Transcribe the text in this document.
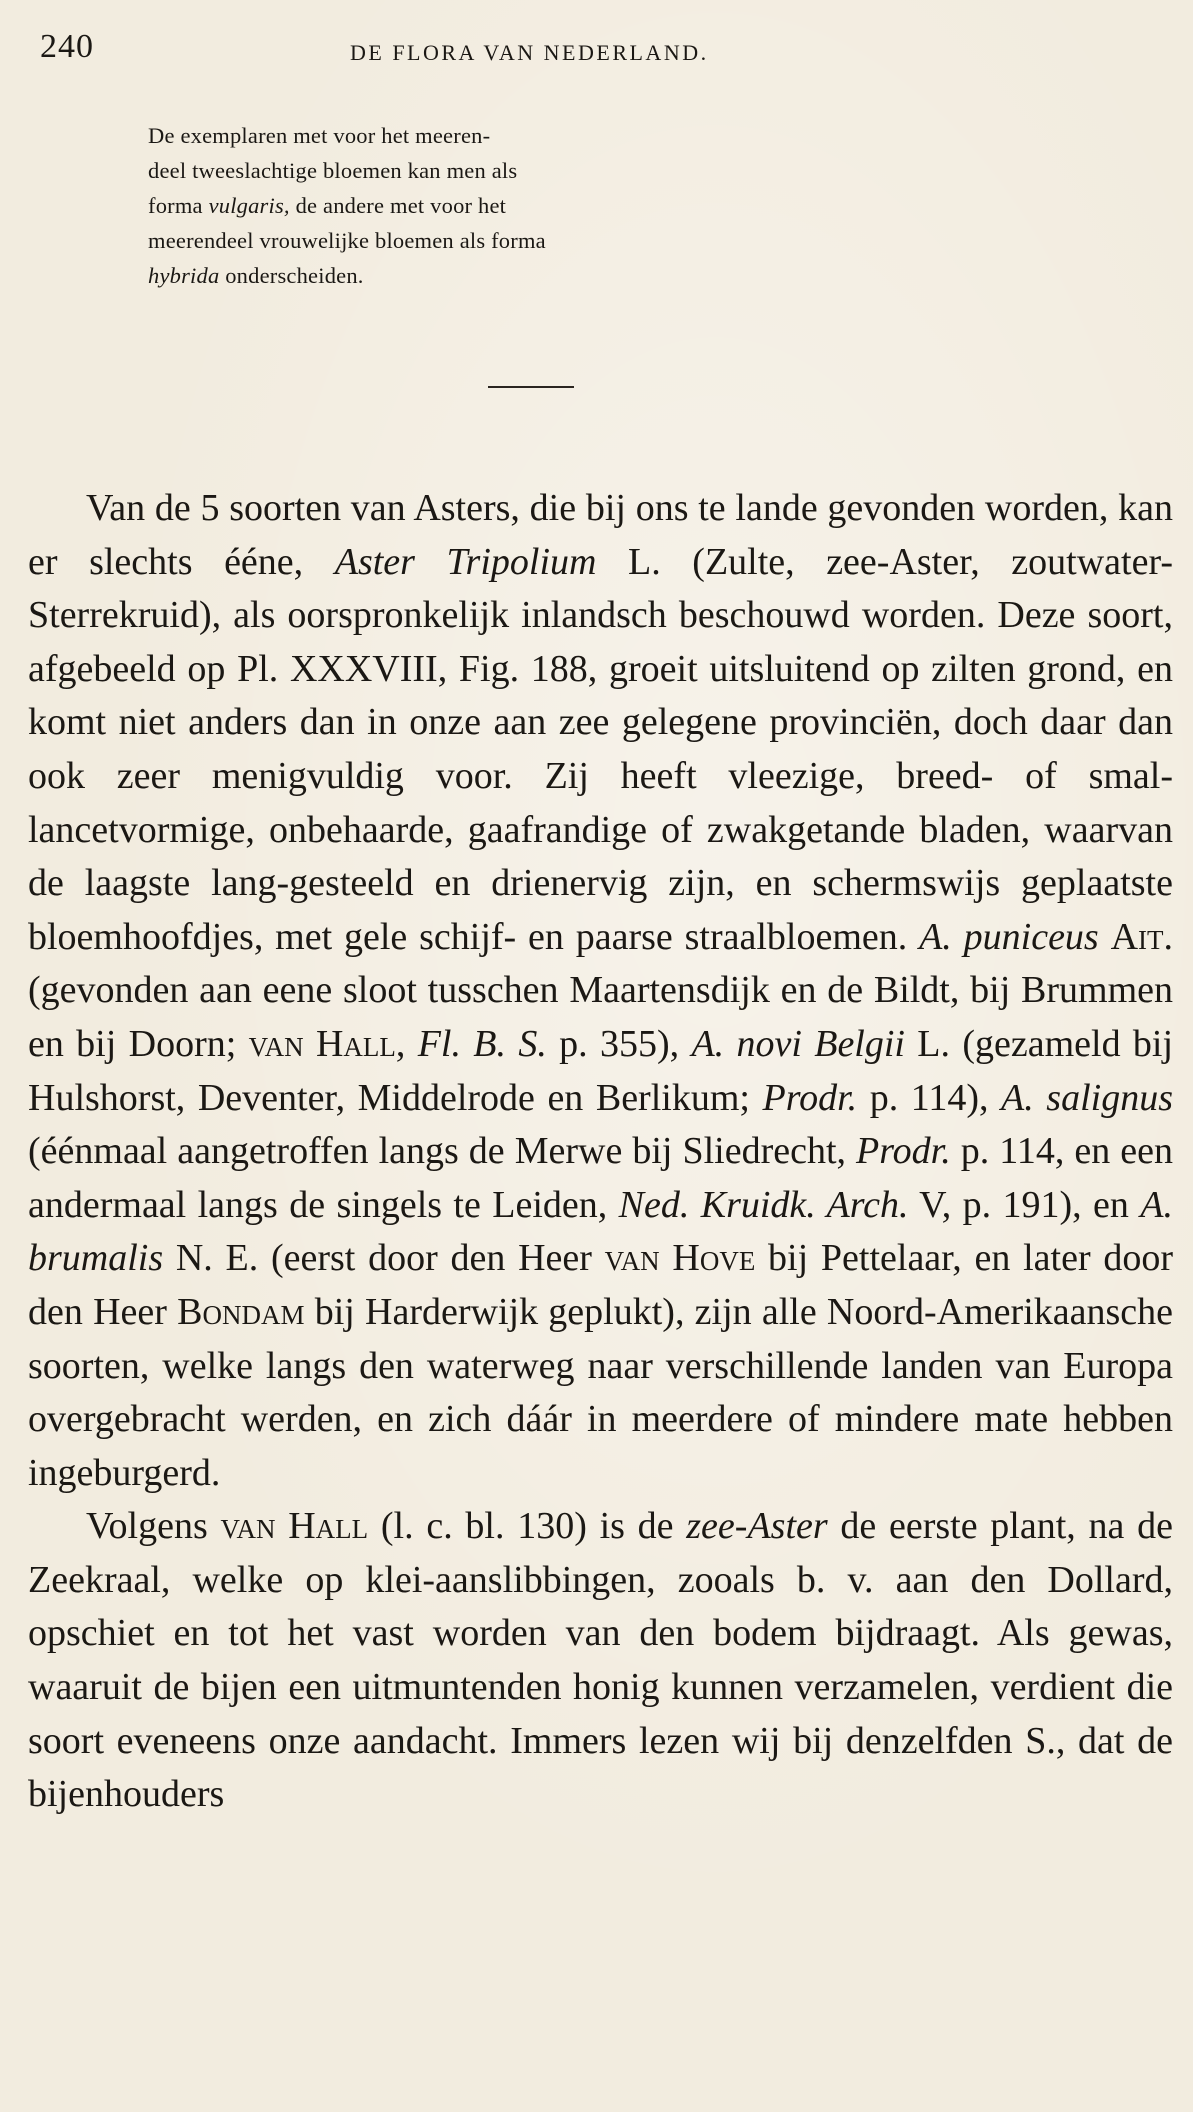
240	DE FLORA VAN NEDERLAND.

De exemplaren met voor het meeren-

deel tweeslachtige bloemen kan men als

forma vulgaris, de andere met voor het

meerendeel vrouwelijke bloemen als forma

hybrida onderscheiden.

Van de 5 soorten van Asters, die bij ons te lande gevonden worden, kan er slechts éénе, Aster Tripolium L. (Zulte, zee-Aster, zoutwater-Sterrekruid), als oorspronkelijk inlandsch beschouwd worden. Deze soort, afgebeeld op Pl. XXXVIII, Fig. 188, groeit uitsluitend op zilten grond, en komt niet anders dan in onze aan zee gelegene provinciën, doch daar dan ook zeer menigvuldig voor. Zij heeft vleezige, breed- of smal-lancetvormige, onbehaarde, gaafrandige of zwakgetande bladen, waarvan de laagste lang-gesteeld en drienervig zijn, en schermswijs geplaatste bloemhoofdjes, met gele schijf- en paarse straalbloemen. A. puniceus Ait. (gevonden aan eene sloot tusschen Maartensdijk en de Bildt, bij Brummen en bij Doorn; van Hall, Fl. B. S. p. 355), A. novi Belgii L. (gezameld bij Hulshorst, Deventer, Middelrode en Berlikum; Prodr. p. 114), A. salignus (éénmaal aangetroffen langs de Merwe bij Sliedrecht, Prodr. p. 114, en een andermaal langs de singels te Leiden, Ned. Kruidk. Arch. V, p. 191), en A. brumalis N. E. (eerst door den Heer van Hove bij Pettelaar, en later door den Heer Bondam bij Harderwijk geplukt), zijn alle Noord-Amerikaansche soorten, welke langs den waterweg naar verschillende landen van Europa overgebracht werden, en zich dáár in meerdere of mindere mate hebben ingeburgerd.

Volgens van Hall (l. c. bl. 130) is de zee-Aster de eerste plant, na de Zeekraal, welke op klei-aanslibbingen, zooals b. v. aan den Dollard, opschiet en tot het vast worden van den bodem bijdraagt. Als gewas, waaruit de bijen een uitmuntenden honig kunnen verzamelen, verdient die soort eveneens onze aandacht. Immers lezen wij bij denzelfden S., dat de bijenhouders
